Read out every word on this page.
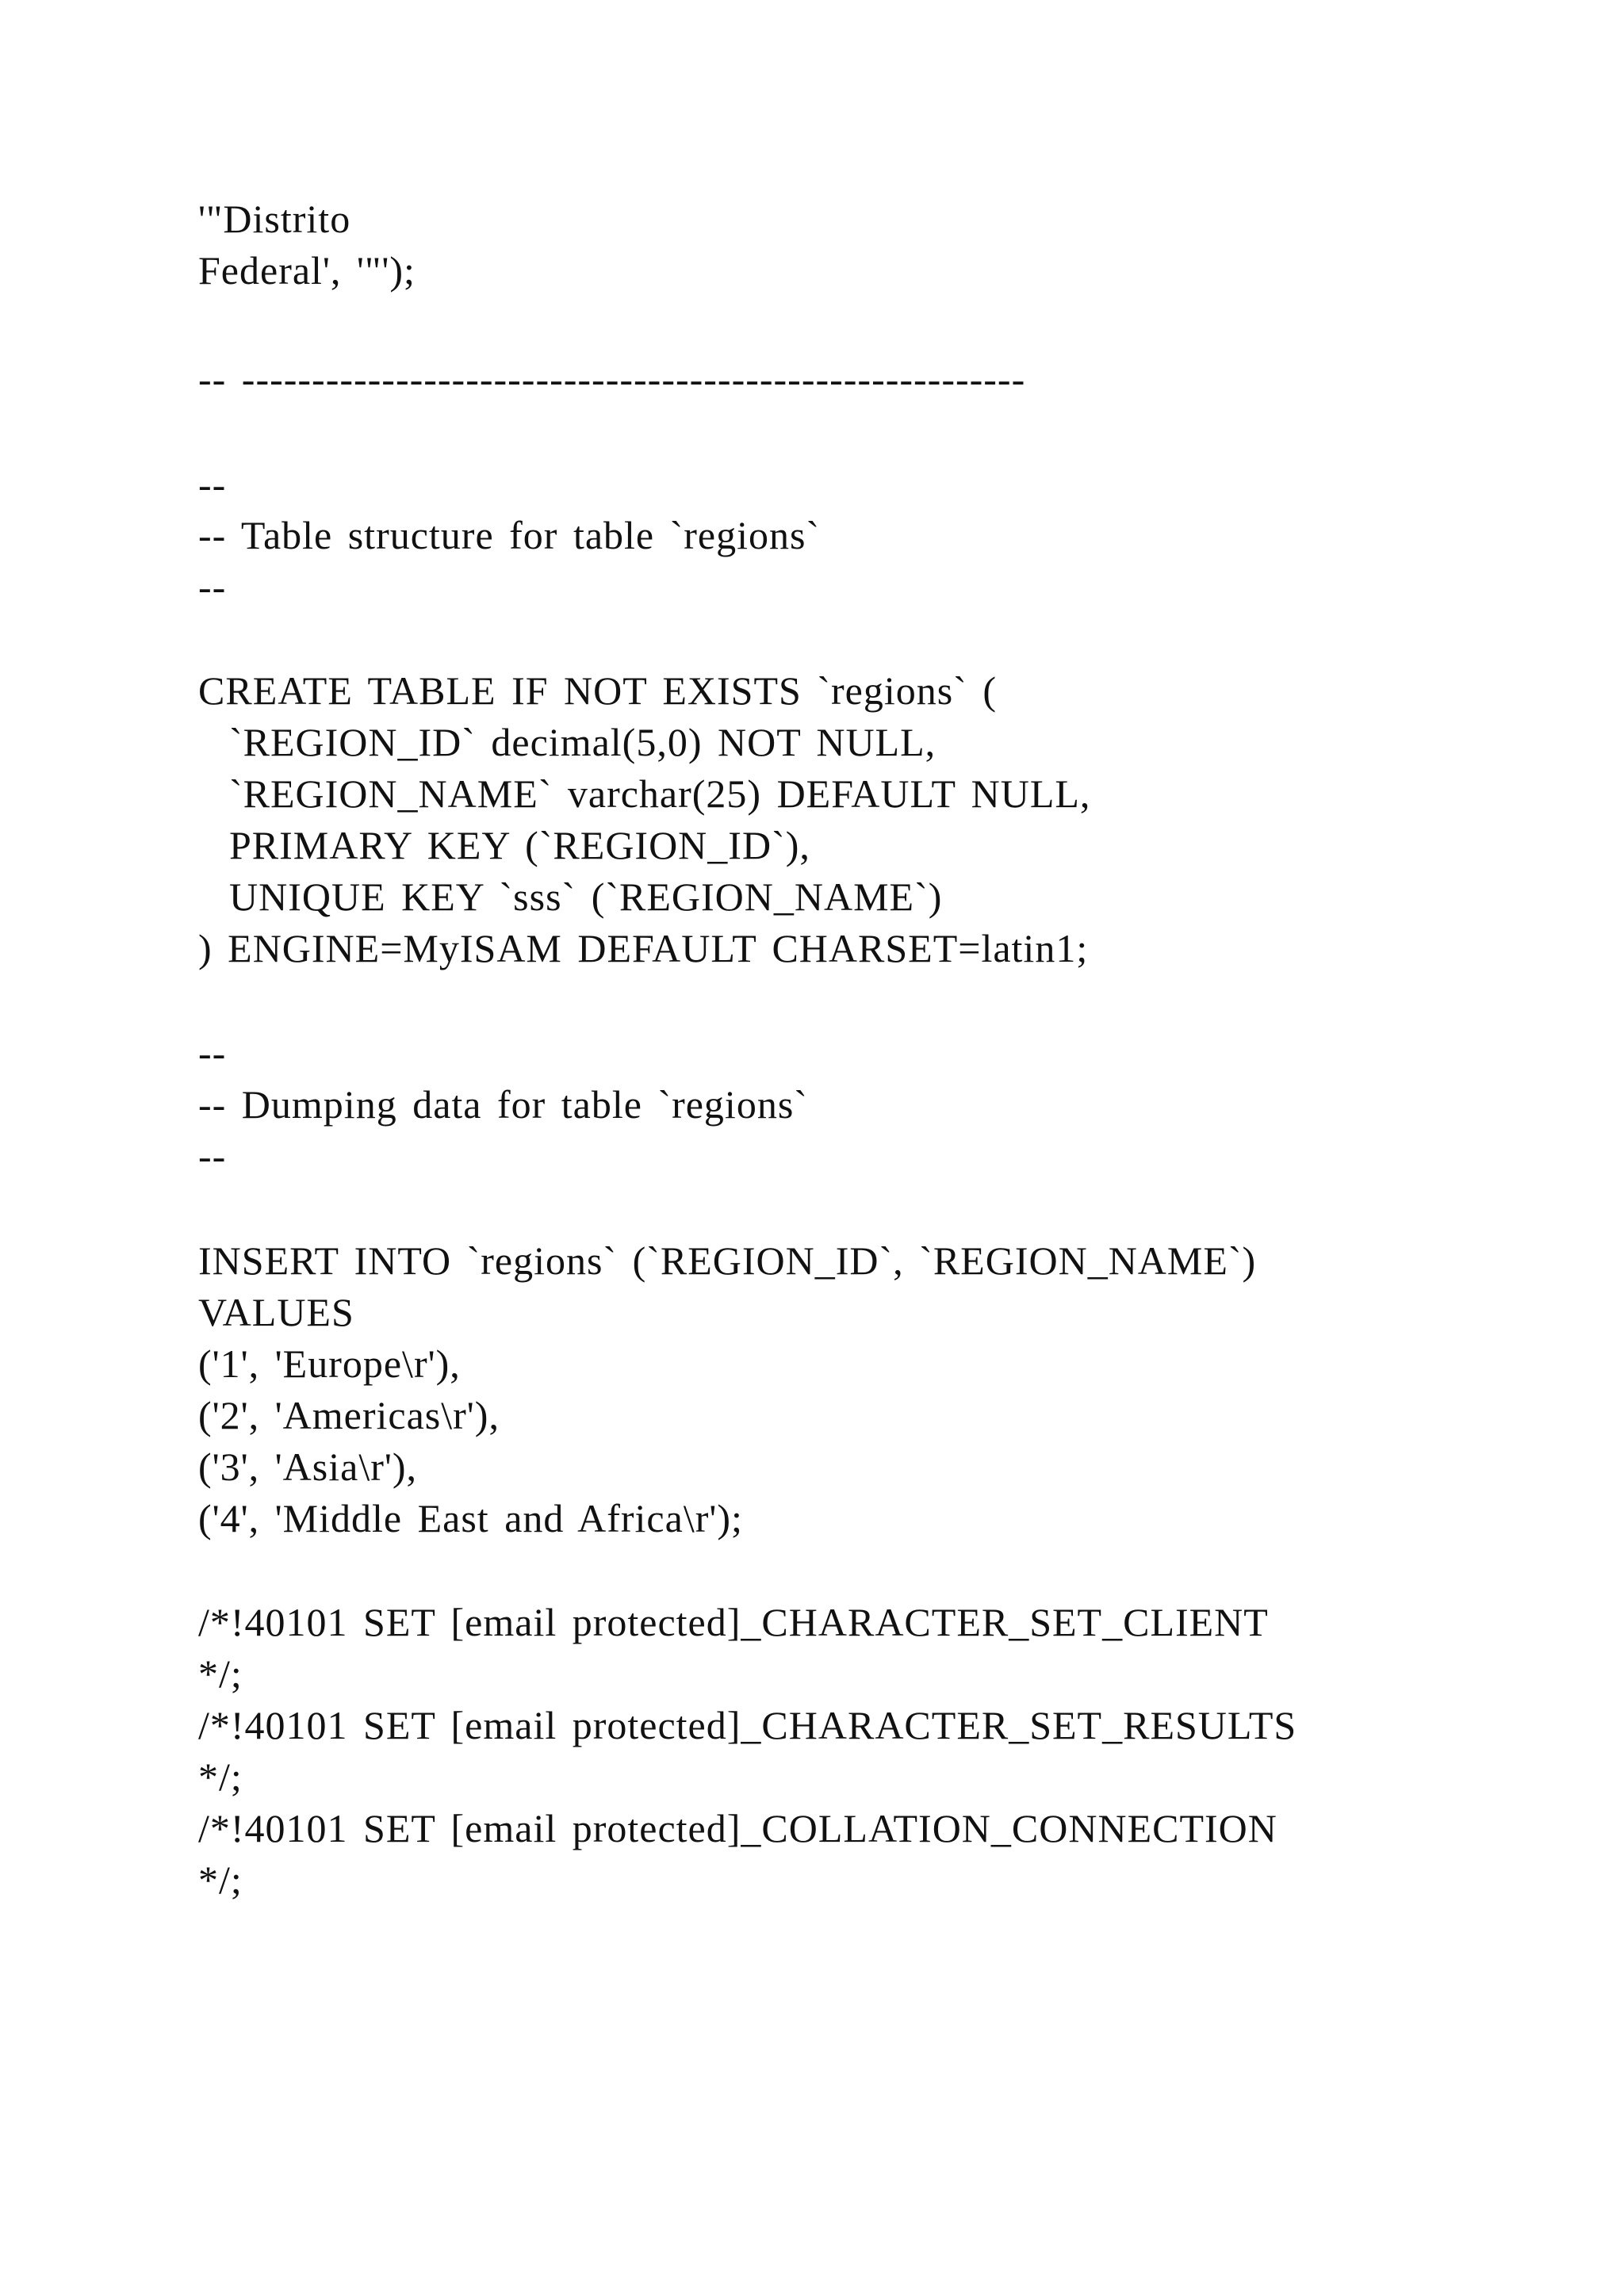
'"Distrito

Federal', '"');

-- --------------------------------------------------------

--

-- Table structure for table `regions`

--

CREATE TABLE IF NOT EXISTS `regions` (

`REGION_ID` decimal(5,0) NOT NULL,

`REGION_NAME` varchar(25) DEFAULT NULL,

PRIMARY KEY (`REGION_ID`),

UNIQUE KEY `sss` (`REGION_NAME`)

) ENGINE=MyISAM DEFAULT CHARSET=latin1;

--

-- Dumping data for table `regions`

--

INSERT INTO `regions` (`REGION_ID`, `REGION_NAME`)

VALUES

('1', 'Europe\r'),

('2', 'Americas\r'),

('3', 'Asia\r'),

('4', 'Middle East and Africa\r');

/*!40101 SET [email protected]_CHARACTER_SET_CLIENT

*/;

/*!40101 SET [email protected]_CHARACTER_SET_RESULTS

*/;

/*!40101 SET [email protected]_COLLATION_CONNECTION

*/;
